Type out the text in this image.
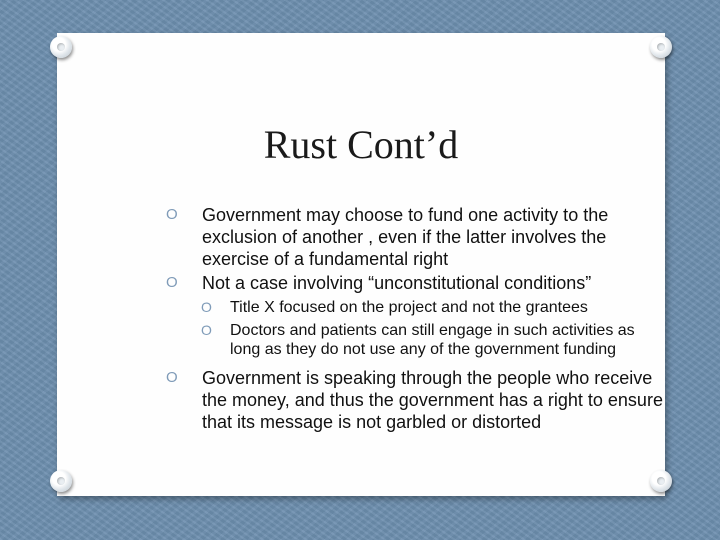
Rust Cont’d
O Government may choose to fund one activity to the exclusion of another , even if the latter involves the exercise of a fundamental right
O Not a case involving “unconstitutional conditions”
O Title X focused on the project and not the grantees
O Doctors and patients can still engage in such activities as long as they do not use any of the government funding
O Government is speaking through the people who receive the money, and thus the government has a right to ensure that its message is not garbled or distorted
